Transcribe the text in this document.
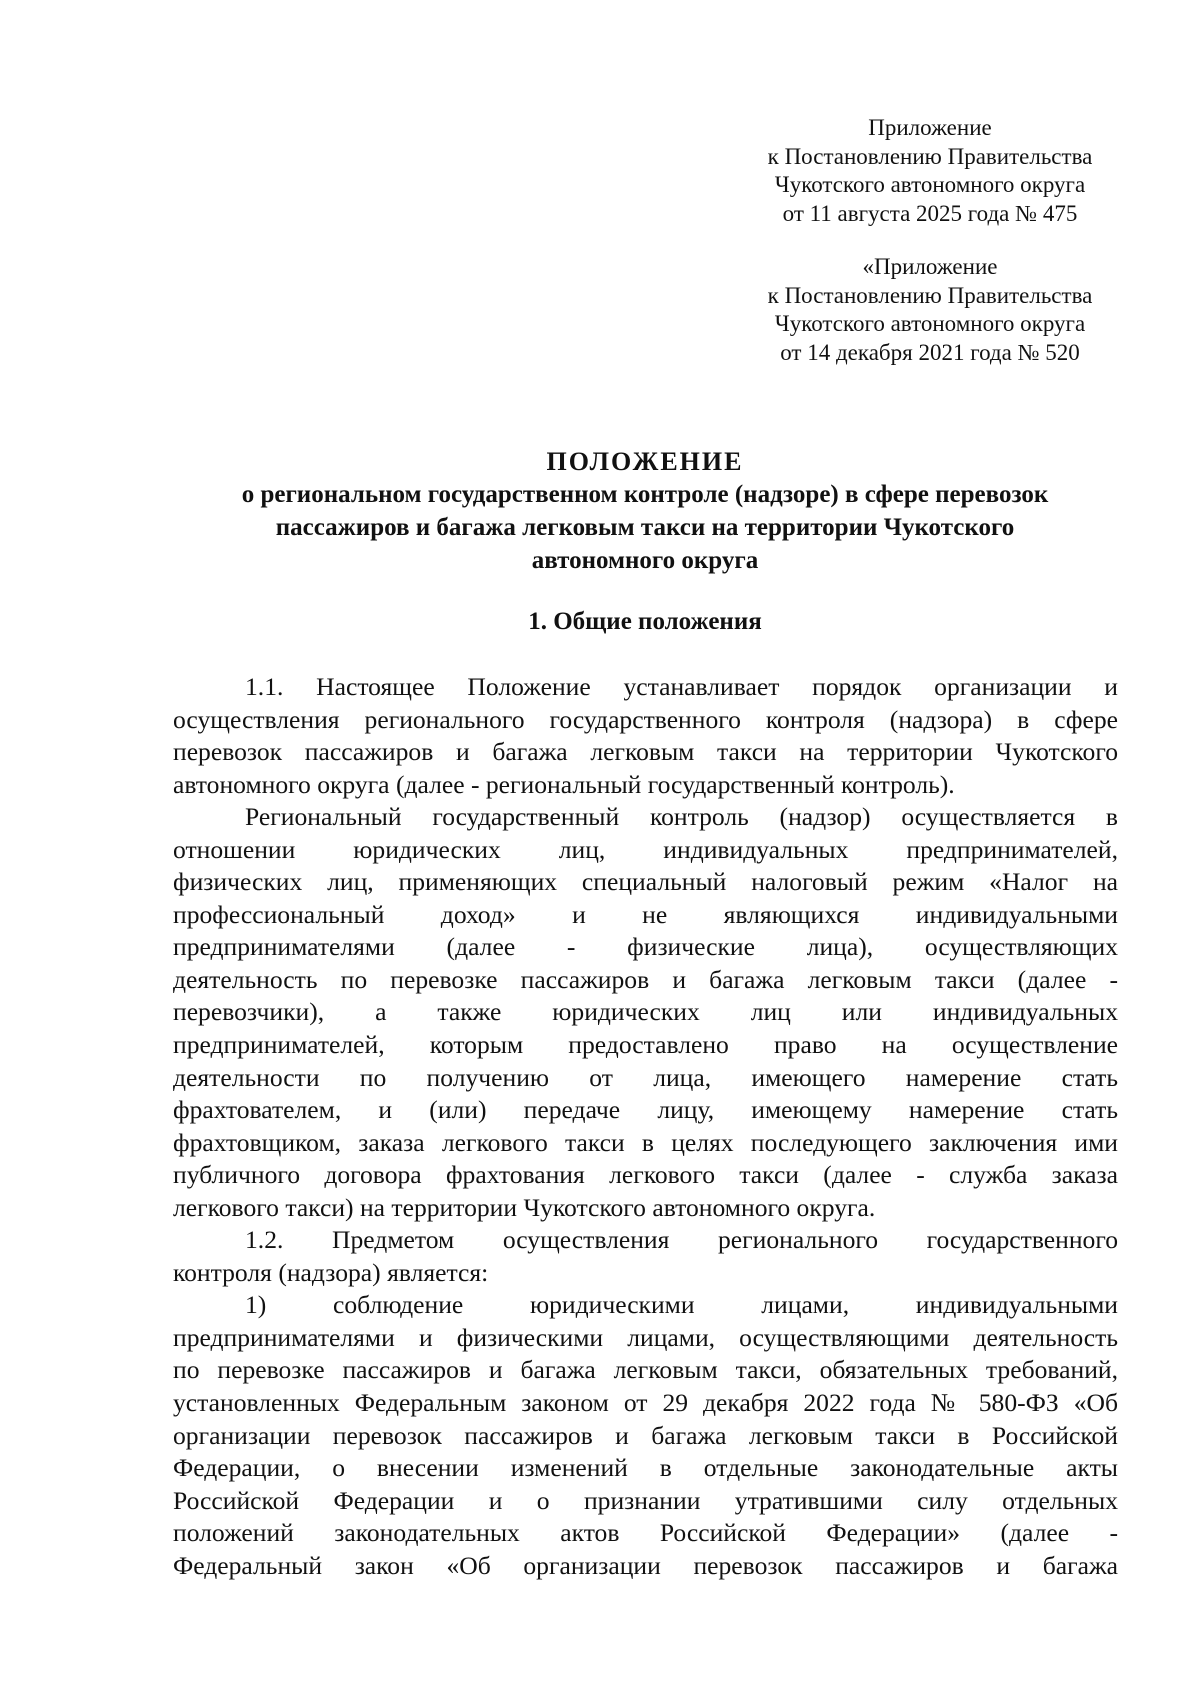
Приложение
к Постановлению Правительства
Чукотского автономного округа
от 11 августа 2025 года № 475
«Приложение
к Постановлению Правительства
Чукотского автономного округа
от 14 декабря 2021 года № 520
ПОЛОЖЕНИЕ
о региональном государственном контроле (надзоре) в сфере перевозок
пассажиров и багажа легковым такси на территории Чукотского
автономного округа
1. Общие положения
1.1. Настоящее Положение устанавливает порядок организации и
осуществления регионального государственного контроля (надзора) в сфере
перевозок пассажиров и багажа легковым такси на территории Чукотского
автономного округа (далее - региональный государственный контроль).
Региональный государственный контроль (надзор) осуществляется в
отношении юридических лиц, индивидуальных предпринимателей,
физических лиц, применяющих специальный налоговый режим «Налог на
профессиональный доход» и не являющихся индивидуальными
предпринимателями (далее - физические лица), осуществляющих
деятельность по перевозке пассажиров и багажа легковым такси (далее -
перевозчики), а также юридических лиц или индивидуальных
предпринимателей, которым предоставлено право на осуществление
деятельности по получению от лица, имеющего намерение стать
фрахтователем, и (или) передаче лицу, имеющему намерение стать
фрахтовщиком, заказа легкового такси в целях последующего заключения ими
публичного договора фрахтования легкового такси (далее - служба заказа
легкового такси) на территории Чукотского автономного округа.
1.2. Предметом осуществления регионального государственного
контроля (надзора) является:
1) соблюдение юридическими лицами, индивидуальными
предпринимателями и физическими лицами, осуществляющими деятельность
по перевозке пассажиров и багажа легковым такси, обязательных требований,
установленных Федеральным законом от 29 декабря 2022 года № 580-ФЗ «Об
организации перевозок пассажиров и багажа легковым такси в Российской
Федерации, о внесении изменений в отдельные законодательные акты
Российской Федерации и о признании утратившими силу отдельных
положений законодательных актов Российской Федерации» (далее -
Федеральный закон «Об организации перевозок пассажиров и багажа
